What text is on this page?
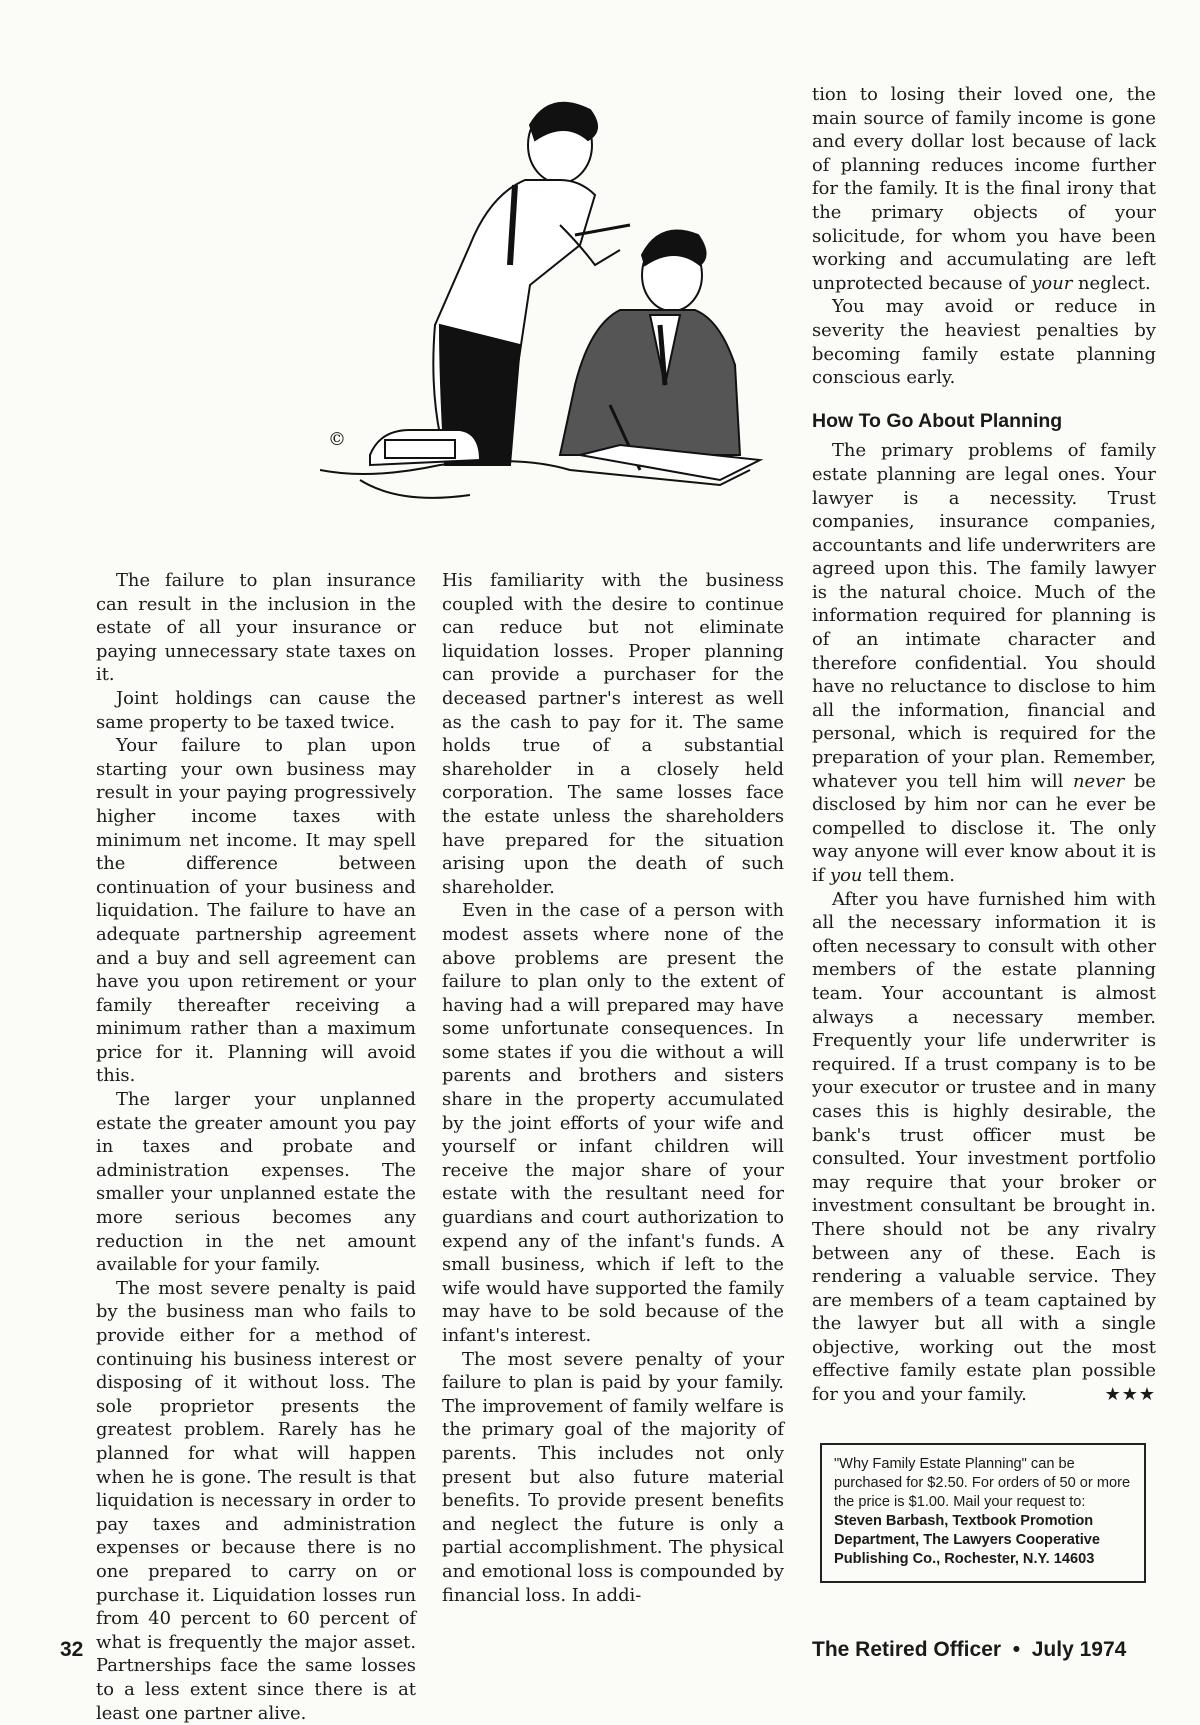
©

The failure to plan insurance can result in the inclusion in the estate of all your insurance or paying unnecessary state taxes on it.

Joint holdings can cause the same property to be taxed twice.

Your failure to plan upon starting your own business may result in your paying progressively higher income taxes with minimum net income. It may spell the difference between continuation of your business and liquidation. The failure to have an adequate partnership agreement and a buy and sell agreement can have you upon retirement or your family thereafter receiving a minimum rather than a maximum price for it. Planning will avoid this.

The larger your unplanned estate the greater amount you pay in taxes and probate and administration expenses. The smaller your unplanned estate the more serious becomes any reduction in the net amount available for your family.

The most severe penalty is paid by the business man who fails to provide either for a method of continuing his business interest or disposing of it without loss. The sole proprietor presents the greatest problem. Rarely has he planned for what will happen when he is gone. The result is that liquidation is necessary in order to pay taxes and administration expenses or because there is no one prepared to carry on or purchase it. Liquidation losses run from 40 percent to 60 percent of what is frequently the major asset. Partnerships face the same losses to a less extent since there is at least one partner alive.

His familiarity with the business coupled with the desire to continue can reduce but not eliminate liquidation losses. Proper planning can provide a purchaser for the deceased partner's interest as well as the cash to pay for it. The same holds true of a substantial shareholder in a closely held corporation. The same losses face the estate unless the shareholders have prepared for the situation arising upon the death of such shareholder.

Even in the case of a person with modest assets where none of the above problems are present the failure to plan only to the extent of having had a will prepared may have some unfortunate consequences. In some states if you die without a will parents and brothers and sisters share in the property accumulated by the joint efforts of your wife and yourself or infant children will receive the major share of your estate with the resultant need for guardians and court authorization to expend any of the infant's funds. A small business, which if left to the wife would have supported the family may have to be sold because of the infant's interest.

The most severe penalty of your failure to plan is paid by your family. The improvement of family welfare is the primary goal of the majority of parents. This includes not only present but also future material benefits. To provide present benefits and neglect the future is only a partial accomplishment. The physical and emotional loss is compounded by financial loss. In addi-

tion to losing their loved one, the main source of family income is gone and every dollar lost because of lack of planning reduces income further for the family. It is the final irony that the primary objects of your solicitude, for whom you have been working and accumulating are left unprotected because of your neglect.

You may avoid or reduce in severity the heaviest penalties by becoming family estate planning conscious early.

How To Go About Planning

The primary problems of family estate planning are legal ones. Your lawyer is a necessity. Trust companies, insurance companies, accountants and life underwriters are agreed upon this. The family lawyer is the natural choice. Much of the information required for planning is of an intimate character and therefore confidential. You should have no reluctance to disclose to him all the information, financial and personal, which is required for the preparation of your plan. Remember, whatever you tell him will never be disclosed by him nor can he ever be compelled to disclose it. The only way anyone will ever know about it is if you tell them.

After you have furnished him with all the necessary information it is often necessary to consult with other members of the estate planning team. Your accountant is almost always a necessary member. Frequently your life underwriter is required. If a trust company is to be your executor or trustee and in many cases this is highly desirable, the bank's trust officer must be consulted. Your investment portfolio may require that your broker or investment consultant be brought in. There should not be any rivalry between any of these. Each is rendering a valuable service. They are members of a team captained by the lawyer but all with a single objective, working out the most effective family estate plan possible for you and your family.	★★★

"Why Family Estate Planning" can be purchased for $2.50. For orders of 50 or more the price is $1.00. Mail your request to: Steven Barbash, Textbook Promotion Department, The Lawyers Cooperative Publishing Co., Rochester, N.Y. 14603
32	The Retired Officer  •  July 1974
